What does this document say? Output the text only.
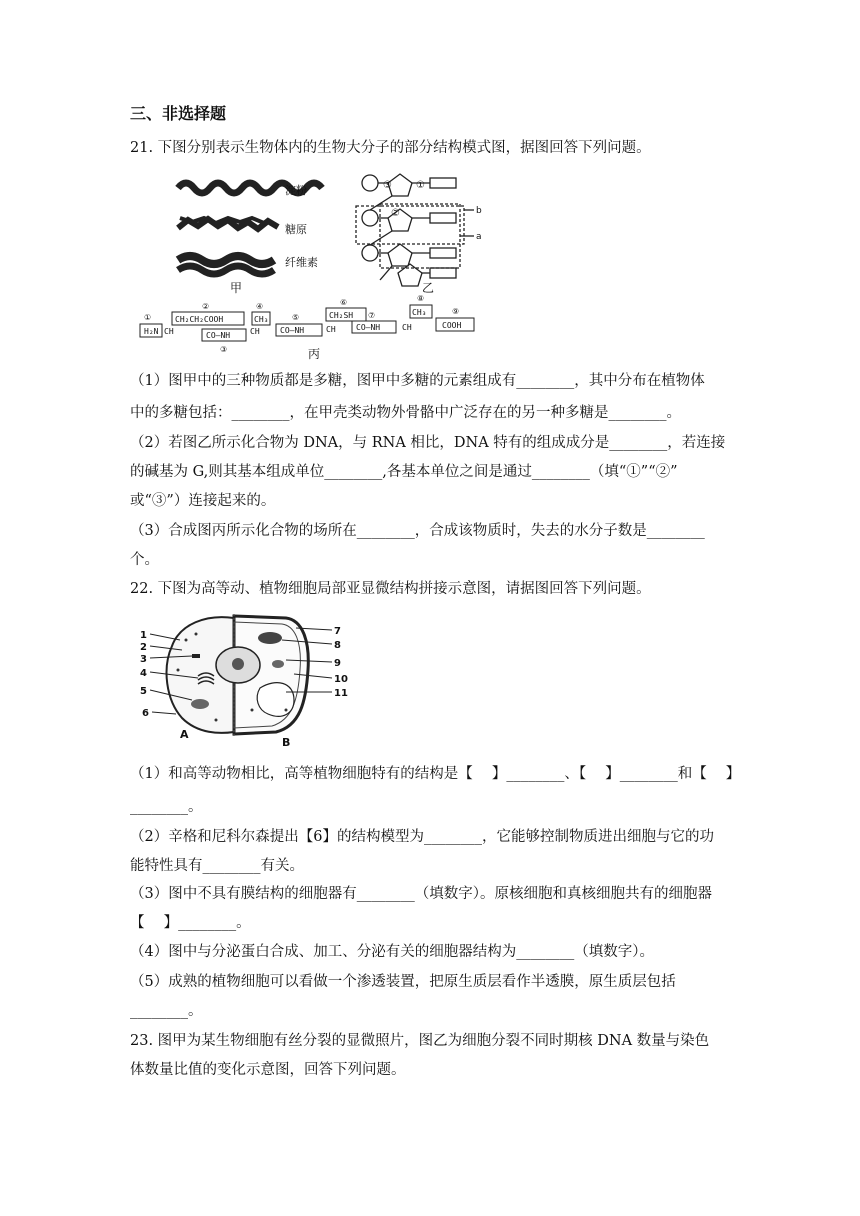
三、非选择题
21. 下图分别表示生物体内的生物大分子的部分结构模式图，据图回答下列问题。
淀粉
糖原
纤维素
甲
③ ①
②	b
a
乙
H₂N
CH₂CH₂COOH	CH₃	CH₂SH	CH₃
COOH
CH	CO—NH CH	CO—NH	CH	CO—NH	CH
①
②
③
④
⑤
⑥
⑦
⑧
⑨
丙
（1）图甲中的三种物质都是多糖，图甲中多糖的元素组成有________，其中分布在植物体
中的多糖包括：________，在甲壳类动物外骨骼中广泛存在的另一种多糖是________。
（2）若图乙所示化合物为 DNA，与 RNA 相比，DNA 特有的组成成分是________，若连接
的碱基为 G,则其基本组成单位________,各基本单位之间是通过________（填“①”“②”
或“③”）连接起来的。
（3）合成图丙所示化合物的场所在________，合成该物质时，失去的水分子数是________
个。
22. 下图为高等动、植物细胞局部亚显微结构拼接示意图，请据图回答下列问题。
1
2
3
4
5
6
7
8
9
10
11
A
B
（1）和高等动物相比，高等植物细胞特有的结构是【　 】________、【　 】________和【　 】
________。
（2）辛格和尼科尔森提出【6】的结构模型为________，它能够控制物质进出细胞与它的功
能特性具有________有关。
（3）图中不具有膜结构的细胞器有________（填数字）。原核细胞和真核细胞共有的细胞器
【　 】________。
（4）图中与分泌蛋白合成、加工、分泌有关的细胞器结构为________（填数字）。
（5）成熟的植物细胞可以看做一个渗透装置，把原生质层看作半透膜，原生质层包括
________。
23. 图甲为某生物细胞有丝分裂的显微照片，图乙为细胞分裂不同时期核 DNA 数量与染色
体数量比值的变化示意图，回答下列问题。
